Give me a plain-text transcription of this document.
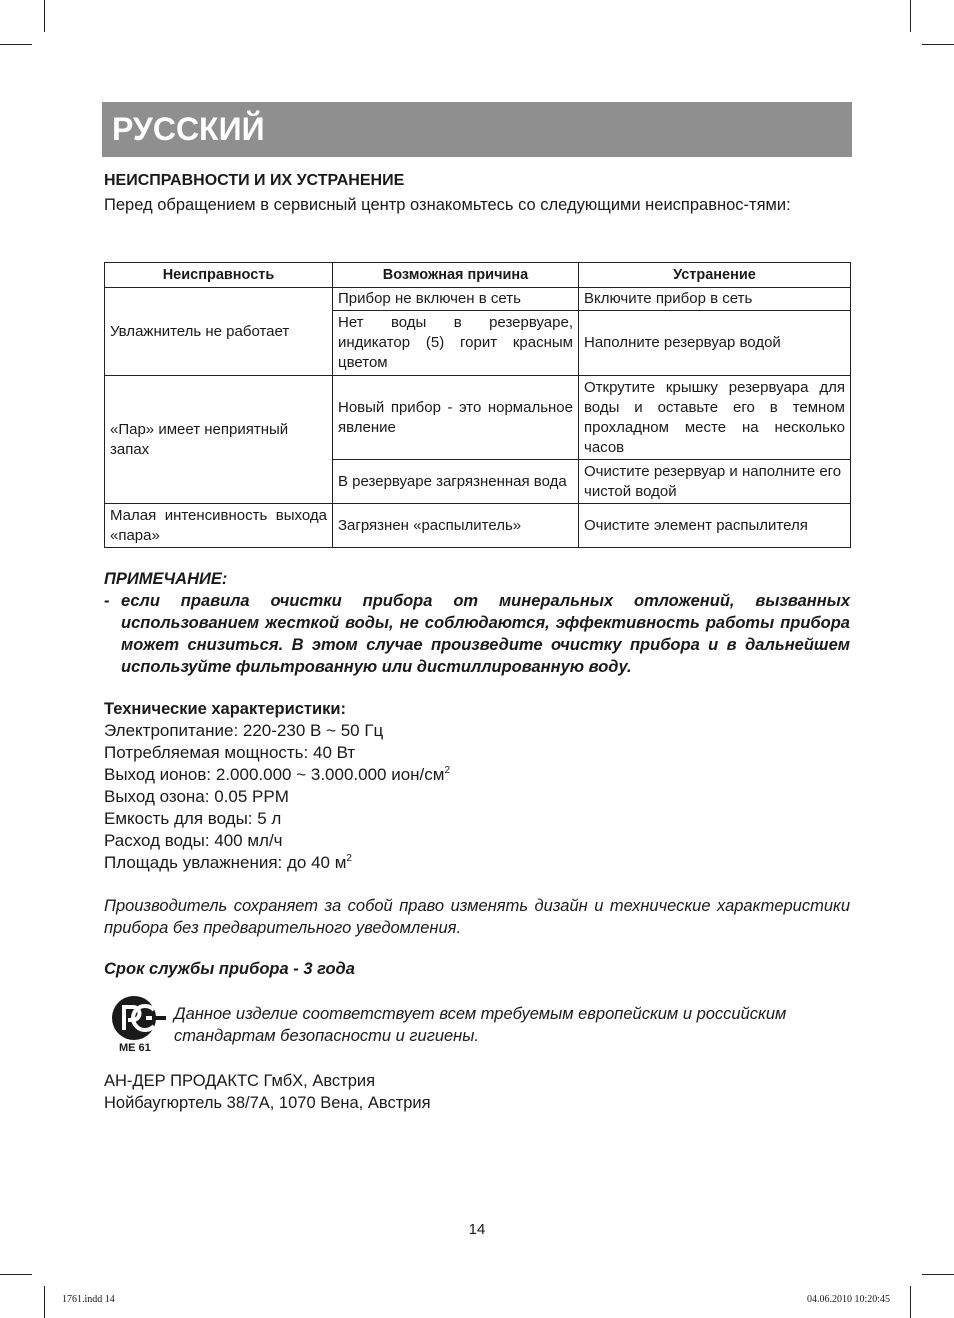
РУССКИЙ
НЕИСПРАВНОСТИ И ИХ УСТРАНЕНИЕ
Перед обращением в сервисный центр ознакомьтесь со следующими неисправнос-тями:
Неисправность	Возможная причина	Устранение
Увлажнитель не работает	Прибор не включен в сеть	Включите прибор в сеть
	Нет воды в резервуаре, индикатор (5) горит красным цветом	Наполните резервуар водой
«Пар» имеет неприятный запах	Новый прибор - это нормальное явление	Открутите крышку резервуара для воды и оставьте его в темном прохладном месте на несколько часов
	В резервуаре загрязненная вода	Очистите резервуар и наполните его чистой водой
Малая интенсивность выхода «пара»	Загрязнен «распылитель»	Очистите элемент распылителя
ПРИМЕЧАНИЕ:
- если правила очистки прибора от минеральных отложений, вызванных использованием жесткой воды, не соблюдаются, эффективность работы прибора может снизиться. В этом случае произведите очистку прибора и в дальнейшем используйте фильтрованную или дистиллированную воду.
Технические характеристики:
Электропитание: 220-230 В ~ 50 Гц
Потребляемая мощность: 40 Вт
Выход ионов: 2.000.000 ~ 3.000.000 ион/$см^2$
Выход озона: 0.05 PPM
Емкость для воды: 5 л
Расход воды: 400 мл/ч
Площадь увлажнения: до 40 $м^2$
Производитель сохраняет за собой право изменять дизайн и технические характеристики прибора без предварительного уведомления.
Срок службы прибора - 3 года
ME 61
Данное изделие соответствует всем требуемым европейским и российским стандартам безопасности и гигиены.
АН-ДЕР ПРОДАКТС ГмбХ, Австрия
Нойбаугюртель 38/7А, 1070 Вена, Австрия
14
1761.indd 14	04.06.2010 10:20:45
